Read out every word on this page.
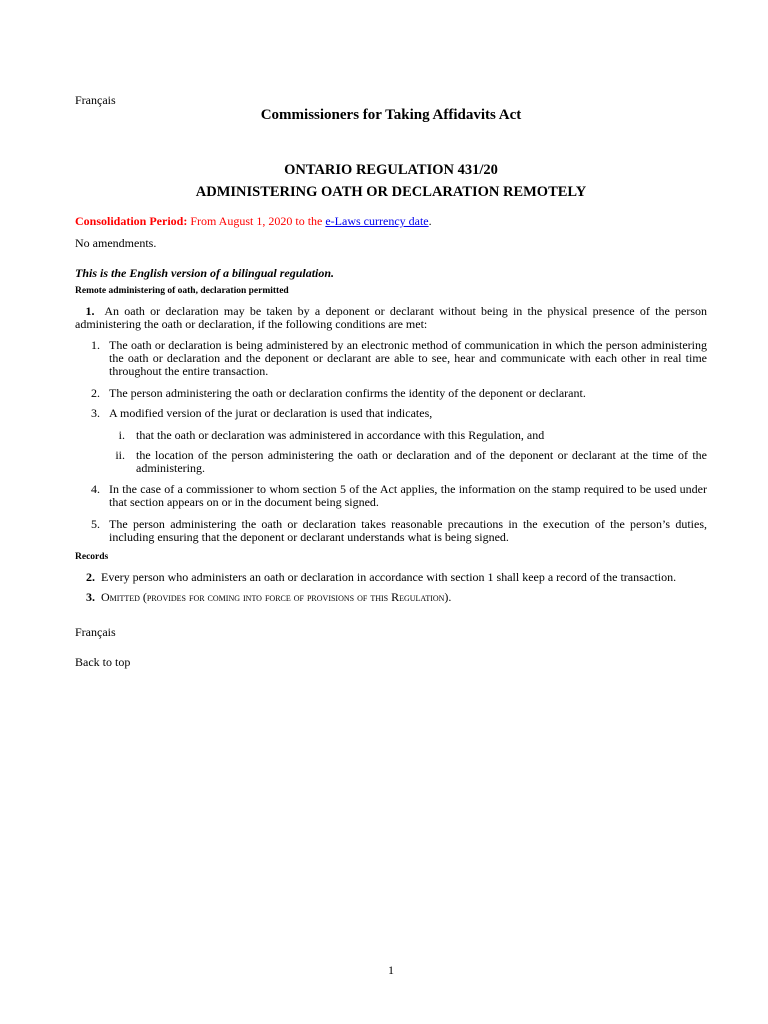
Français
Commissioners for Taking Affidavits Act
ONTARIO REGULATION 431/20
ADMINISTERING OATH OR DECLARATION REMOTELY
Consolidation Period: From August 1, 2020 to the e-Laws currency date.
No amendments.
This is the English version of a bilingual regulation.
Remote administering of oath, declaration permitted
1. An oath or declaration may be taken by a deponent or declarant without being in the physical presence of the person administering the oath or declaration, if the following conditions are met:
1. The oath or declaration is being administered by an electronic method of communication in which the person administering the oath or declaration and the deponent or declarant are able to see, hear and communicate with each other in real time throughout the entire transaction.
2. The person administering the oath or declaration confirms the identity of the deponent or declarant.
3. A modified version of the jurat or declaration is used that indicates,
i. that the oath or declaration was administered in accordance with this Regulation, and
ii. the location of the person administering the oath or declaration and of the deponent or declarant at the time of the administering.
4. In the case of a commissioner to whom section 5 of the Act applies, the information on the stamp required to be used under that section appears on or in the document being signed.
5. The person administering the oath or declaration takes reasonable precautions in the execution of the person’s duties, including ensuring that the deponent or declarant understands what is being signed.
Records
2. Every person who administers an oath or declaration in accordance with section 1 shall keep a record of the transaction.
3. Omitted (provides for coming into force of provisions of this Regulation).
Français
Back to top
1
